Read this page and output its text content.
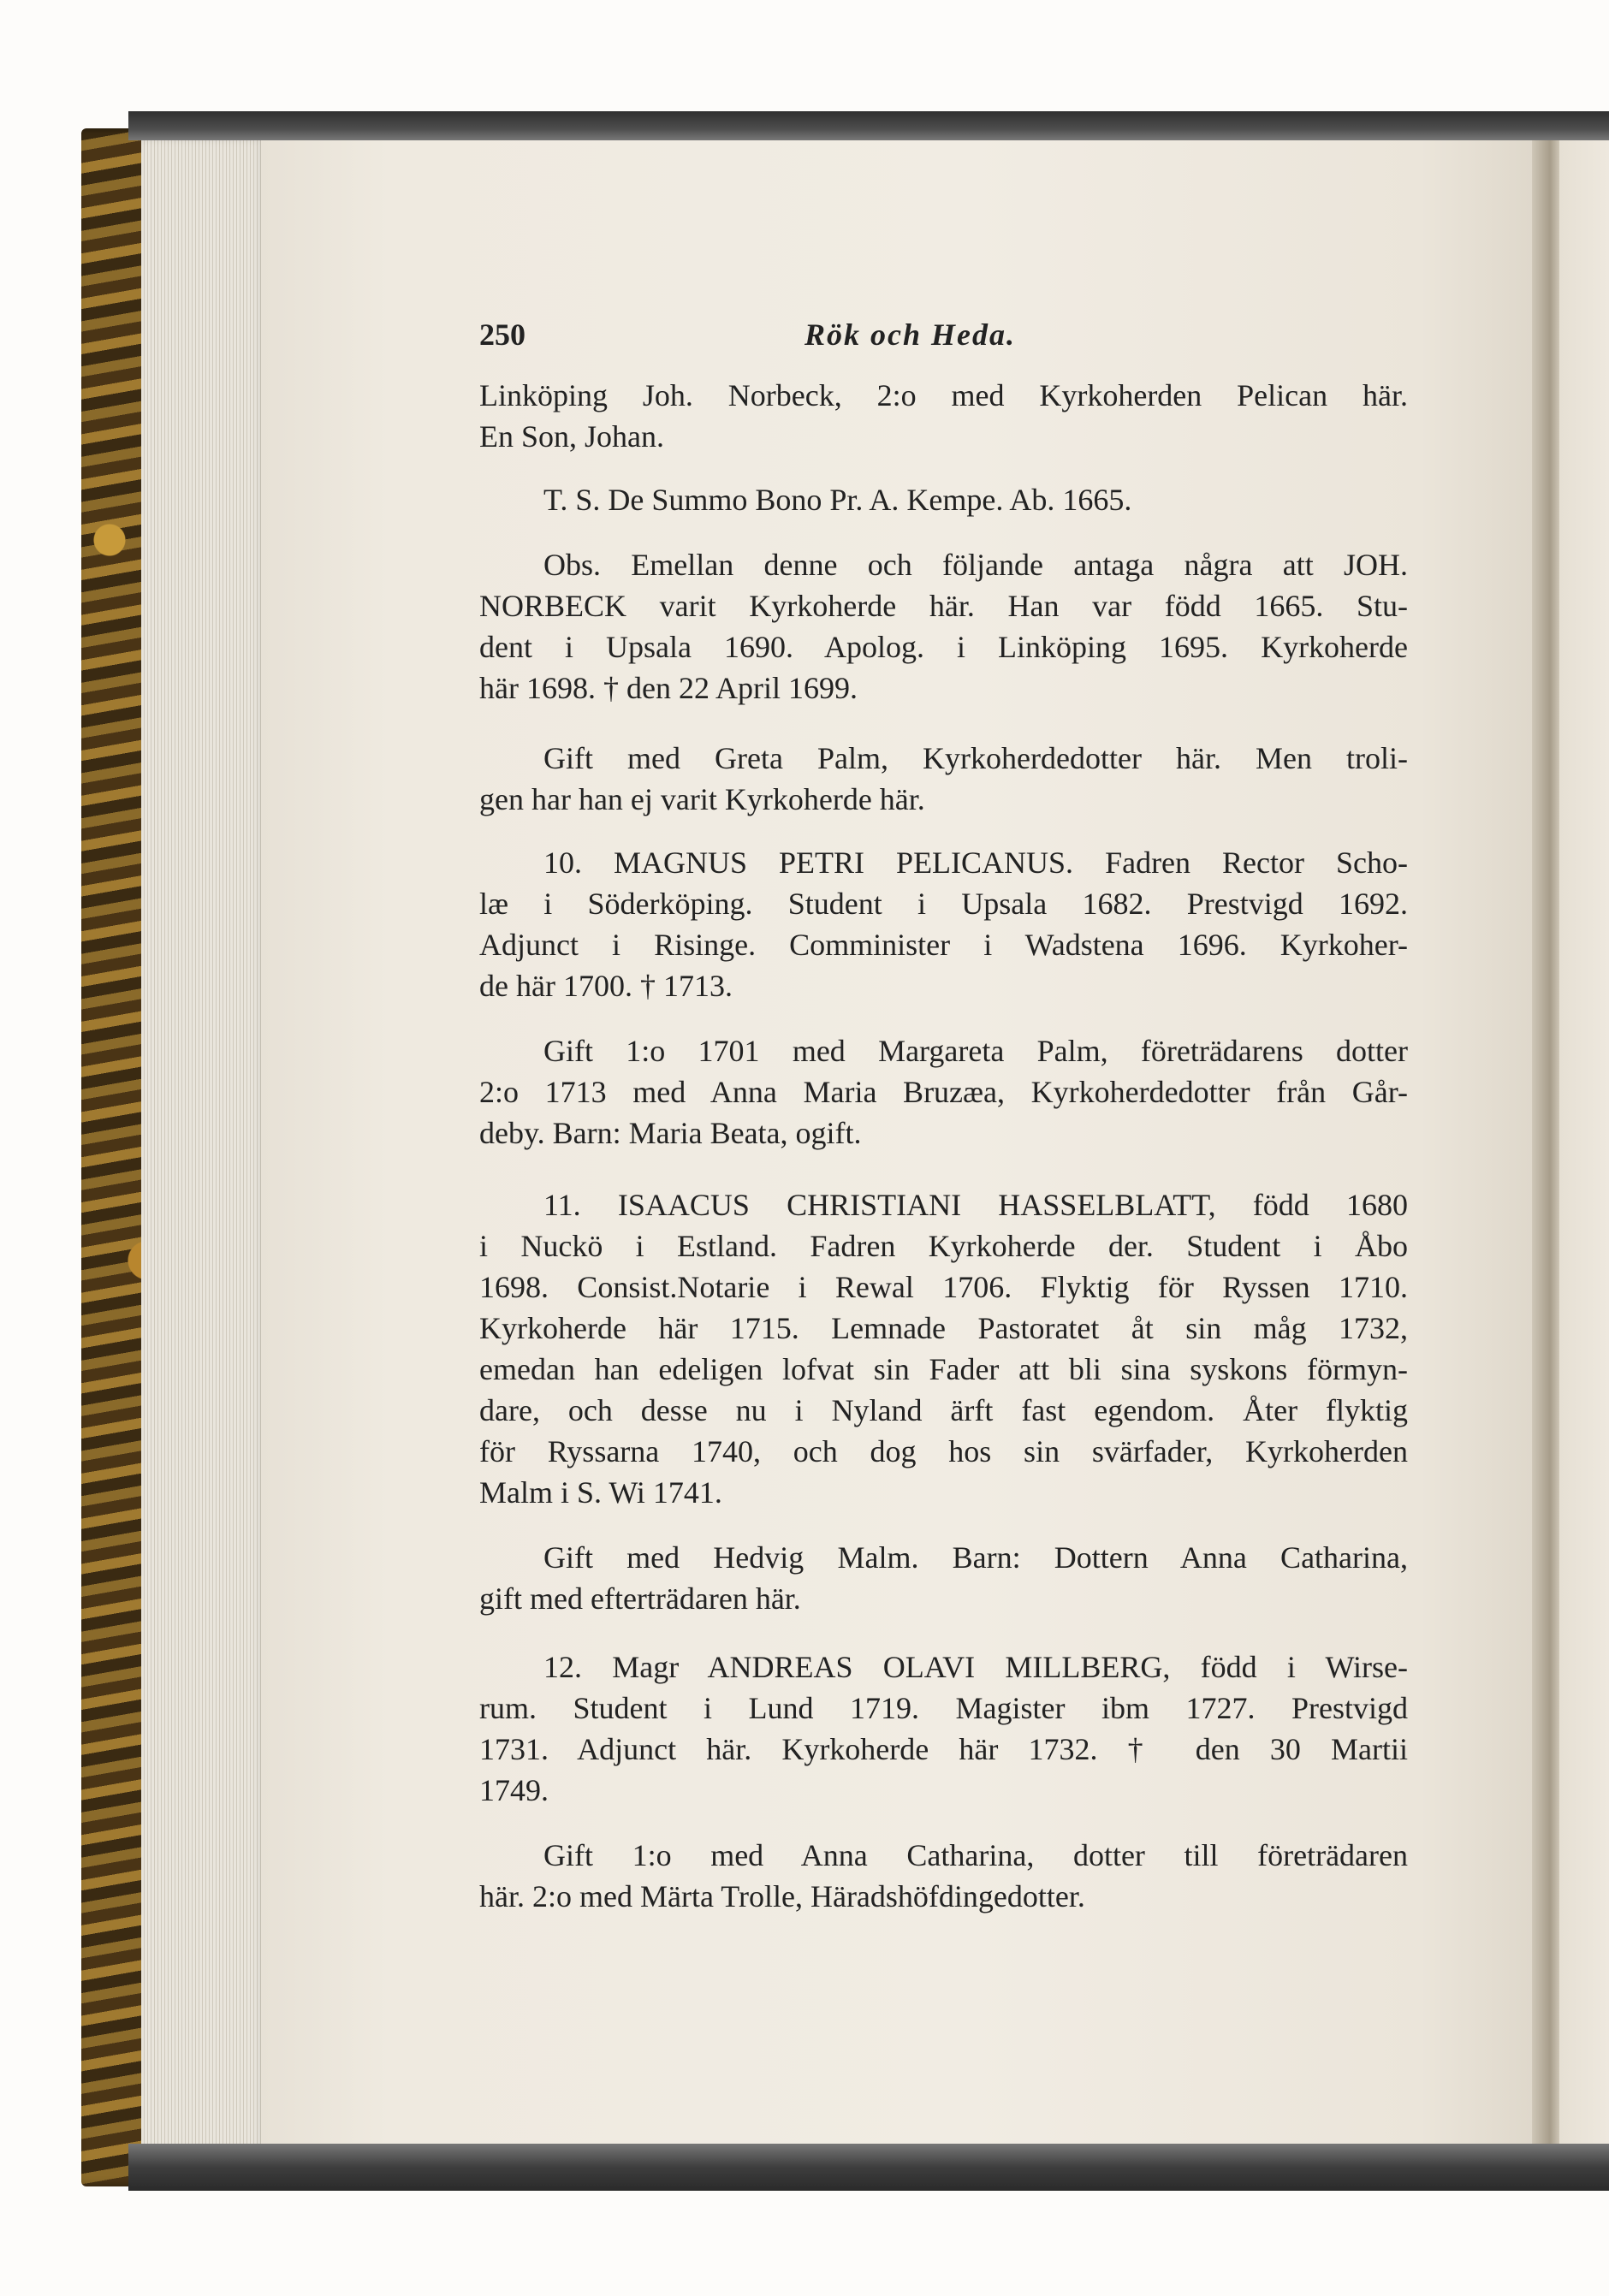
250	Rök och Heda.
Linköping Joh. Norbeck, 2:o med Kyrkoherden Pelican här.
En Son, Johan.
T. S. De Summo Bono Pr. A. Kempe. Ab. 1665.
Obs. Emellan denne och följande antaga några att JOH.
NORBECK varit Kyrkoherde här. Han var född 1665. Stu-
dent i Upsala 1690. Apolog. i Linköping 1695. Kyrkoherde
här 1698. † den 22 April 1699.
Gift med Greta Palm, Kyrkoherdedotter här. Men troli-
gen har han ej varit Kyrkoherde här.
10. MAGNUS PETRI PELICANUS. Fadren Rector Scho-
læ i Söderköping. Student i Upsala 1682. Prestvigd 1692.
Adjunct i Risinge. Comminister i Wadstena 1696. Kyrkoher-
de här 1700. † 1713.
Gift 1:o 1701 med Margareta Palm, företrädarens dotter
2:o 1713 med Anna Maria Bruzæa, Kyrkoherdedotter från Går-
deby. Barn: Maria Beata, ogift.
11. ISAACUS CHRISTIANI HASSELBLATT, född 1680
i Nuckö i Estland. Fadren Kyrkoherde der. Student i Åbo
1698. Consist.Notarie i Rewal 1706. Flyktig för Ryssen 1710.
Kyrkoherde här 1715. Lemnade Pastoratet åt sin måg 1732,
emedan han edeligen lofvat sin Fader att bli sina syskons förmyn-
dare, och desse nu i Nyland ärft fast egendom. Åter flyktig
för Ryssarna 1740, och dog hos sin svärfader, Kyrkoherden
Malm i S. Wi 1741.
Gift med Hedvig Malm. Barn: Dottern Anna Catharina,
gift med efterträdaren här.
12. Magr ANDREAS OLAVI MILLBERG, född i Wirse-
rum. Student i Lund 1719. Magister ibm 1727. Prestvigd
1731. Adjunct här. Kyrkoherde här 1732. † den 30 Martii
1749.
Gift 1:o med Anna Catharina, dotter till företrädaren
här. 2:o med Märta Trolle, Häradshöfdingedotter.
